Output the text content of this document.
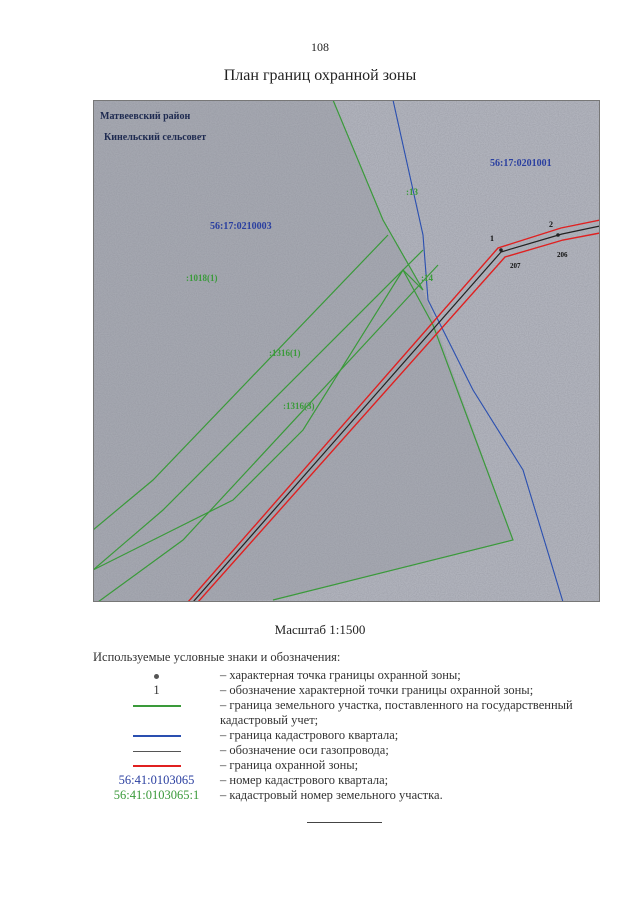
108
План границ охранной зоны
Матвеевский район
Кинельский сельсовет
56:17:0201001
56:17:0210003
:13
:14
:1018(1)
:1316(1)
:1316(3)
1
2
207
206
Масштаб 1:1500
Используемые условные знаки и обозначения:
– характерная точка границы охранной зоны;
1	– обозначение характерной точки границы охранной зоны;
– граница земельного участка, поставленного на государственный кадастровый учет;
– граница кадастрового квартала;
– обозначение оси газопровода;
– граница охранной зоны;
56:41:0103065	– номер кадастрового квартала;
56:41:0103065:1	– кадастровый номер земельного участка.
